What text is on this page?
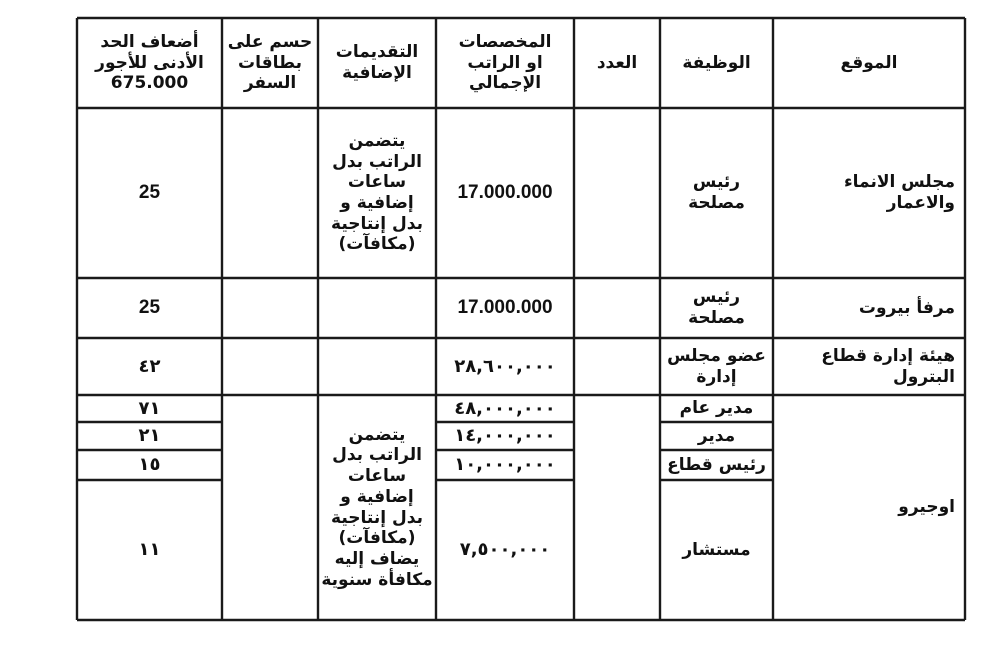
الموقع
الوظيفة
العدد
المخصصات
او الراتب
الإجمالي
التقديمات
الإضافية
حسم على
بطاقات
السفر
أضعاف الحد
الأدنى للأجور
675.000
مجلس الانماء
والاعمار
رئيس
مصلحة
17.000.000
يتضمن
الراتب بدل
ساعات
إضافية و
بدل إنتاجية
(مكافآت)
25
مرفأ بيروت
رئيس
مصلحة
17.000.000
25
هيئة إدارة قطاع
البترول
عضو مجلس
إدارة
٢٨,٦٠٠,٠٠٠
٤٢
اوجيرو
يتضمن
الراتب بدل
ساعات
إضافية و
بدل إنتاجية
(مكافآت)
يضاف إليه
مكافأة سنوية
مدير عام
٤٨,٠٠٠,٠٠٠
٧١
مدير
١٤,٠٠٠,٠٠٠
٢١
رئيس قطاع
١٠,٠٠٠,٠٠٠
١٥
مستشار
٧,٥٠٠,٠٠٠
١١
